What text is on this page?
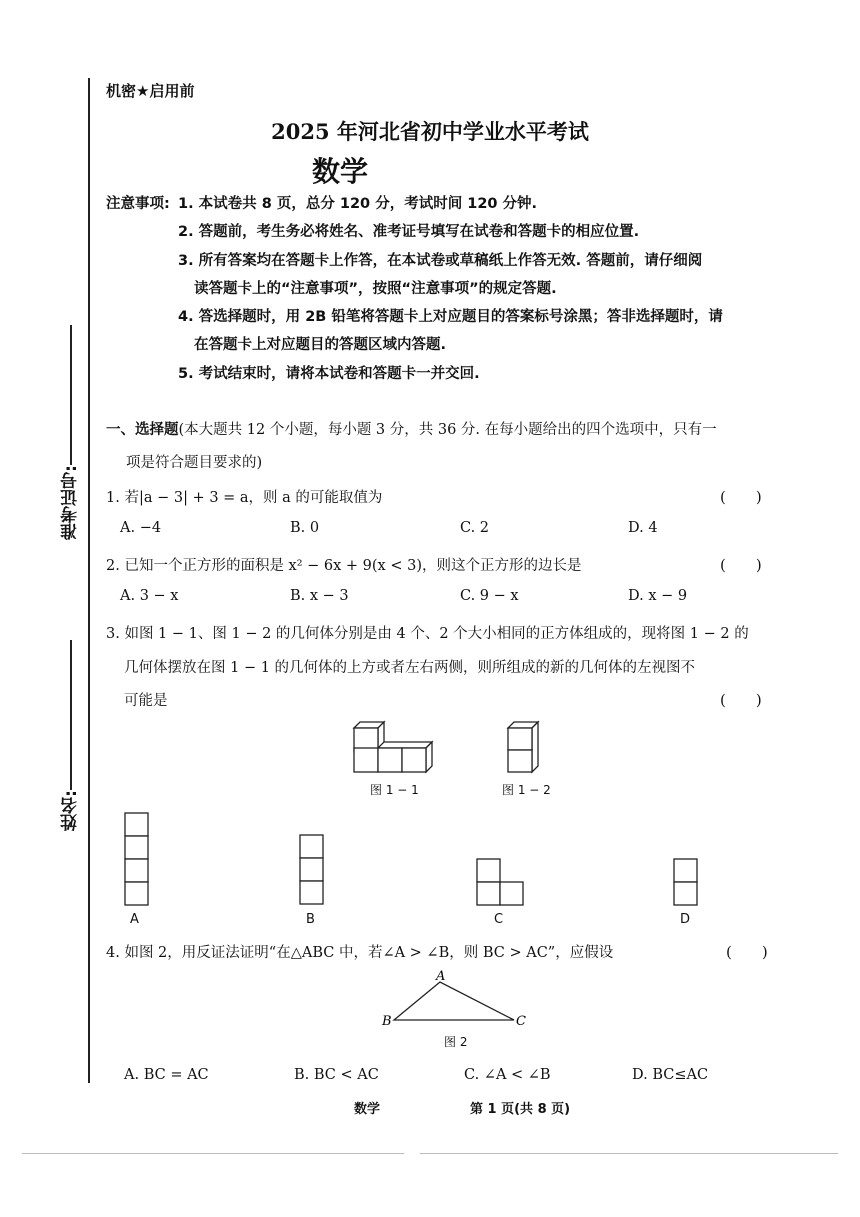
准考证号:
姓名:
机密★启用前
2025 年河北省初中学业水平考试
数学
注意事项: 1. 本试卷共 8 页，总分 120 分，考试时间 120 分钟.
2. 答题前，考生务必将姓名、准考证号填写在试卷和答题卡的相应位置.
3. 所有答案均在答题卡上作答，在本试卷或草稿纸上作答无效. 答题前，请仔细阅
读答题卡上的“注意事项”，按照“注意事项”的规定答题.
4. 答选择题时，用 2B 铅笔将答题卡上对应题目的答案标号涂黑；答非选择题时，请
在答题卡上对应题目的答题区域内答题.
5. 考试结束时，请将本试卷和答题卡一并交回.
一、选择题(本大题共 12 个小题，每小题 3 分，共 36 分. 在每小题给出的四个选项中，只有一
项是符合题目要求的)
1. 若|a − 3| + 3 = a，则 a 的可能取值为	(　　)
A. −4	B. 0	C. 2	D. 4
2. 已知一个正方形的面积是 x² − 6x + 9(x < 3)，则这个正方形的边长是	(　　)
A. 3 − x	B. x − 3	C. 9 − x	D. x − 9
3. 如图 1 − 1、图 1 − 2 的几何体分别是由 4 个、2 个大小相同的正方体组成的，现将图 1 − 2 的
几何体摆放在图 1 − 1 的几何体的上方或者左右两侧，则所组成的新的几何体的左视图不
可能是	(　　)
图 1 − 1	图 1 − 2
A	B	C	D
4. 如图 2，用反证法证明“在△ABC 中，若∠A > ∠B，则 BC > AC”，应假设	(　　)
A
B	C
图 2
A. BC = AC	B. BC < AC	C. ∠A < ∠B	D. BC≤AC
数学	第 1 页(共 8 页)
